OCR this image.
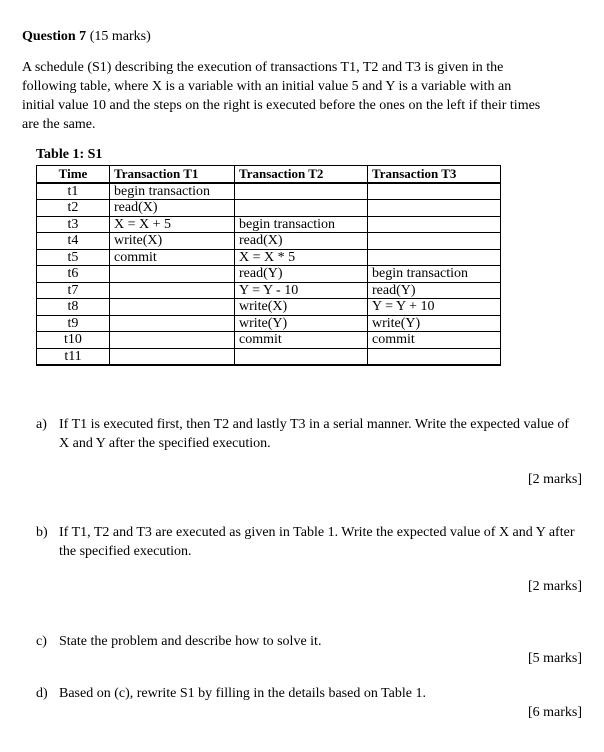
Question 7 (15 marks)
A schedule (S1) describing the execution of transactions T1, T2 and T3 is given in the following table, where X is a variable with an initial value 5 and Y is a variable with an initial value 10 and the steps on the right is executed before the ones on the left if their times are the same.
Table 1: S1
Time	Transaction T1	Transaction T2	Transaction T3
t1	begin transaction		
t2	read(X)		
t3	X = X + 5	begin transaction	
t4	write(X)	read(X)	
t5	commit	X = X * 5	
t6		read(Y)	begin transaction
t7		Y = Y - 10	read(Y)
t8		write(X)	Y = Y + 10
t9		write(Y)	write(Y)
t10		commit	commit
t11			
a) If T1 is executed first, then T2 and lastly T3 in a serial manner. Write the expected value of X and Y after the specified execution.
[2 marks]
b) If T1, T2 and T3 are executed as given in Table 1. Write the expected value of X and Y after the specified execution.
[2 marks]
c) State the problem and describe how to solve it.
[5 marks]
d) Based on (c), rewrite S1 by filling in the details based on Table 1.
[6 marks]
